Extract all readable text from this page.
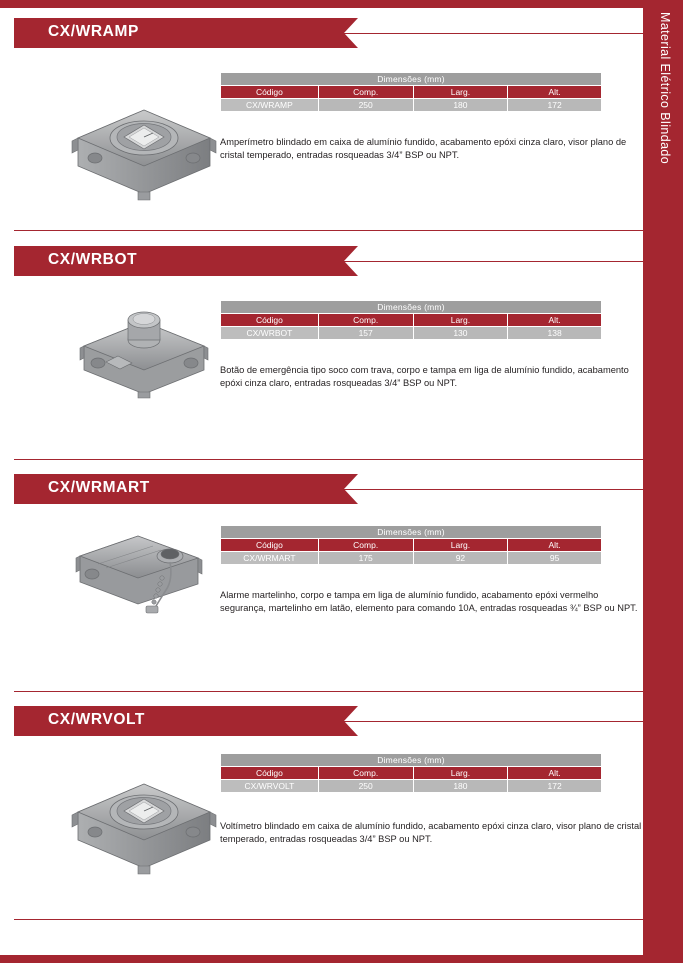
Material Elétrico Blindado
CX/WRAMP
Dimensões (mm)			
Código	Comp.	Larg.	Alt.
CX/WRAMP	250	180	172
Amperímetro blindado em caixa de alumínio fundido, acabamento epóxi cinza claro, visor plano de cristal temperado, entradas rosqueadas 3/4” BSP ou NPT.
CX/WRBOT
Dimensões (mm)			
Código	Comp.	Larg.	Alt.
CX/WRBOT	157	130	138
Botão de emergência tipo soco com trava, corpo e tampa em liga de alumínio fundido, acabamento epóxi cinza claro, entradas rosqueadas 3/4” BSP ou NPT.
CX/WRMART
Dimensões (mm)			
Código	Comp.	Larg.	Alt.
CX/WRMART	175	92	95
Alarme martelinho, corpo e tampa em liga de alumínio fundido, acabamento epóxi vermelho segurança, martelinho em latão, elemento para comando 10A, entradas rosqueadas ¾” BSP ou NPT.
CX/WRVOLT
Dimensões (mm)			
Código	Comp.	Larg.	Alt.
CX/WRVOLT	250	180	172
Voltímetro blindado em caixa de alumínio fundido, acabamento epóxi cinza claro, visor plano de cristal temperado, entradas rosqueadas 3/4” BSP ou NPT.
